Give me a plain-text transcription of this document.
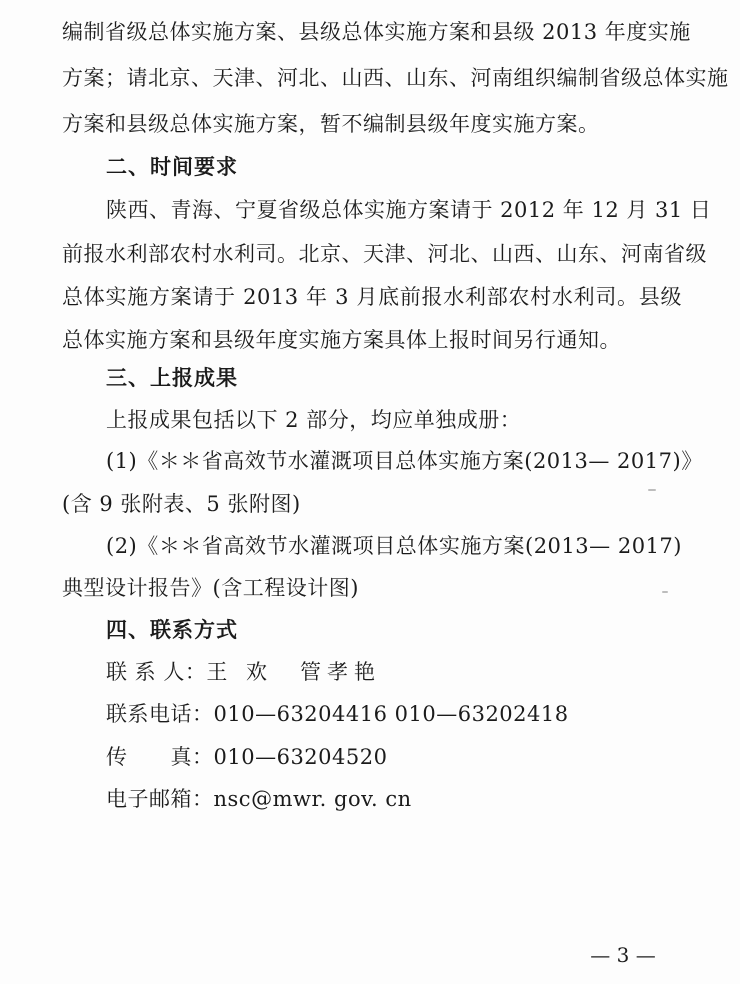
编制省级总体实施方案、县级总体实施方案和县级 2013 年度实施
方案；请北京、天津、河北、山西、山东、河南组织编制省级总体实施
方案和县级总体实施方案，暂不编制县级年度实施方案。
二、时间要求
陕西、青海、宁夏省级总体实施方案请于 2012 年 12 月 31 日
前报水利部农村水利司。北京、天津、河北、山西、山东、河南省级
总体实施方案请于 2013 年 3 月底前报水利部农村水利司。县级
总体实施方案和县级年度实施方案具体上报时间另行通知。
三、上报成果
上报成果包括以下 2 部分，均应单独成册：
(1)《＊＊省高效节水灌溉项目总体实施方案(2013— 2017)》
(含 9 张附表、5 张附图)
(2)《＊＊省高效节水灌溉项目总体实施方案(2013— 2017)
典型设计报告》(含工程设计图)
四、联系方式
联 系 人：王 欢　管孝艳
联系电话：010—63204416 010—63202418
传　　真：010—63204520
电子邮箱：nsc@mwr. gov. cn
— 3 —
